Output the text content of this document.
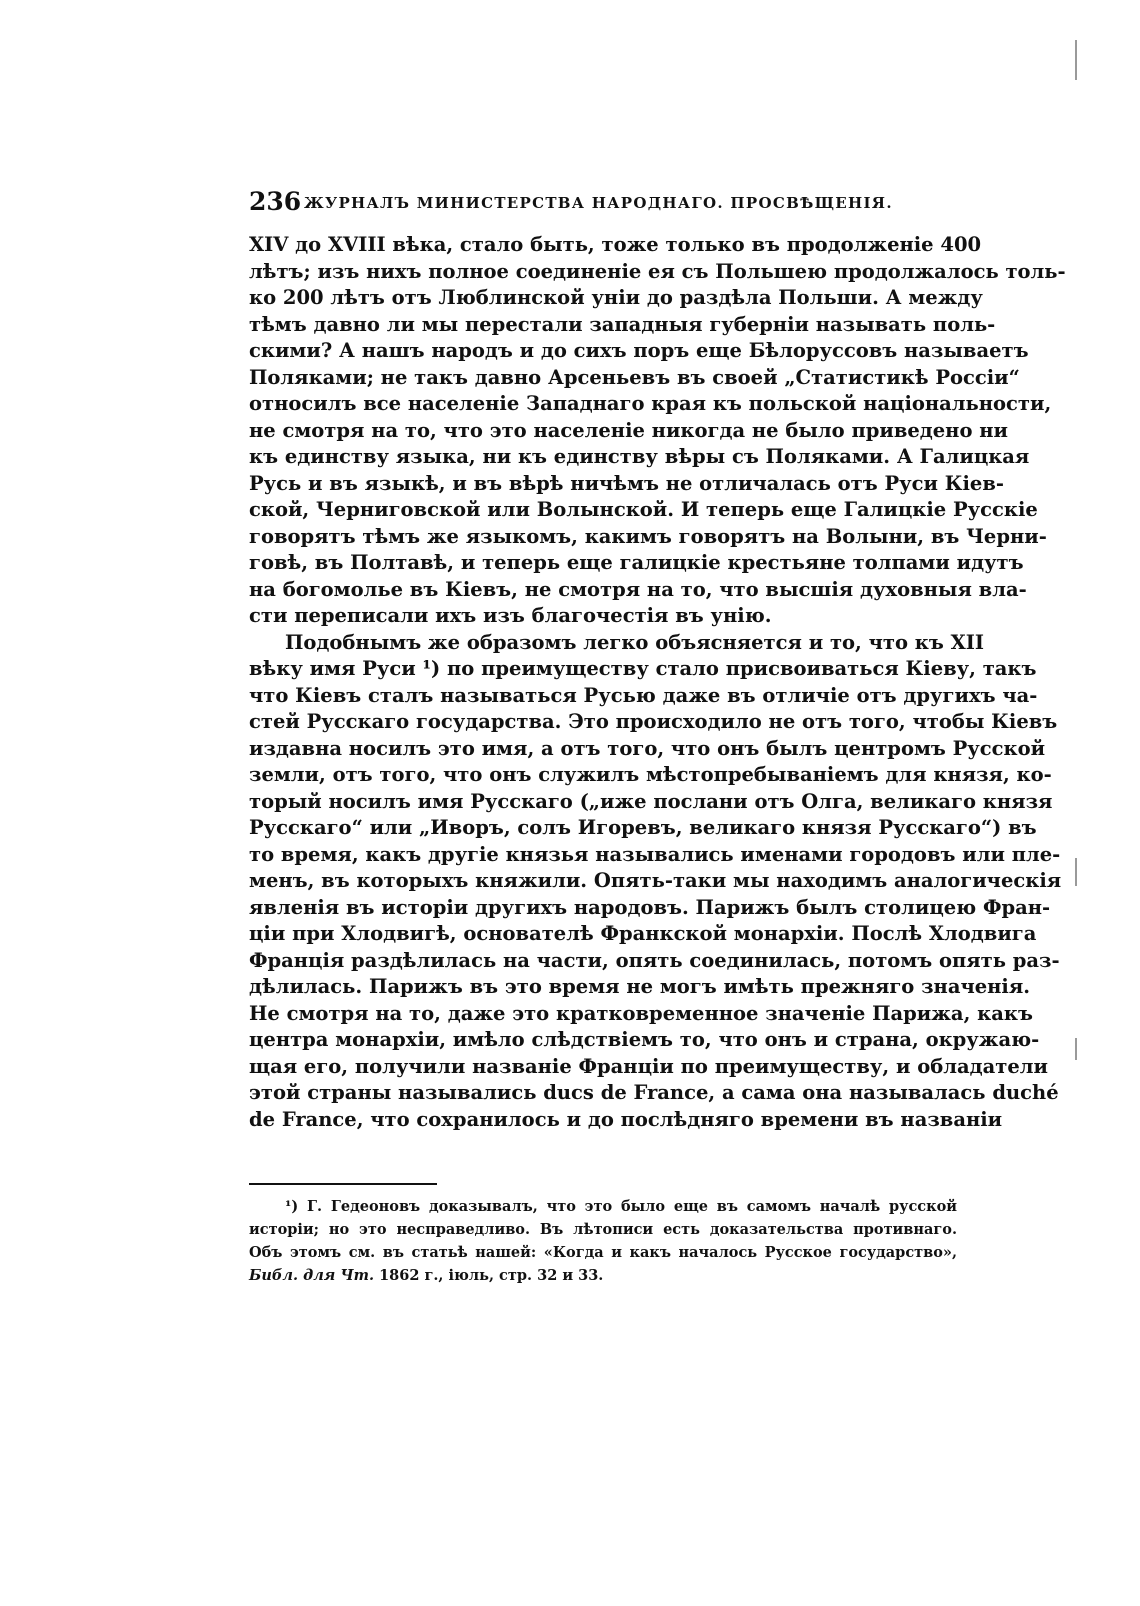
236 ЖУРНАЛЪ МИНИСТЕРСТВА НАРОДНАГО. ПРОСВѢЩЕНІЯ.
XIV до XVIII вѣка, стало быть, тоже только въ продолженіе 400
лѣтъ; изъ нихъ полное соединеніе ея съ Польшею продолжалось толь-
ко 200 лѣтъ отъ Люблинской уніи до раздѣла Польши. А между
тѣмъ давно ли мы перестали западныя губерніи называть поль-
скими? А нашъ народъ и до сихъ поръ еще Бѣлоруссовъ называетъ
Поляками; не такъ давно Арсеньевъ въ своей „Статистикѣ Россіи“
относилъ все населеніе Западнаго края къ польской національности,
не смотря на то, что это населеніе никогда не было приведено ни
къ единству языка, ни къ единству вѣры съ Поляками. А Галицкая
Русь и въ языкѣ, и въ вѣрѣ ничѣмъ не отличалась отъ Руси Кіев-
ской, Черниговской или Волынской. И теперь еще Галицкіе Русскіе
говорятъ тѣмъ же языкомъ, какимъ говорятъ на Волыни, въ Черни-
говѣ, въ Полтавѣ, и теперь еще галицкіе крестьяне толпами идутъ
на богомолье въ Кіевъ, не смотря на то, что высшія духовныя вла-
сти переписали ихъ изъ благочестія въ унію.
Подобнымъ же образомъ легко объясняется и то, что къ XII
вѣку имя Руси ¹) по преимуществу стало присвоиваться Кіеву, такъ
что Кіевъ сталъ называться Русью даже въ отличіе отъ другихъ ча-
стей Русскаго государства. Это происходило не отъ того, чтобы Кіевъ
издавна носилъ это имя, а отъ того, что онъ былъ центромъ Русской
земли, отъ того, что онъ служилъ мѣстопребываніемъ для князя, ко-
торый носилъ имя Русскаго („иже послани отъ Олга, великаго князя
Русскаго“ или „Иворъ, солъ Игоревъ, великаго князя Русскаго“) въ
то время, какъ другіе князья назывались именами городовъ или пле-
менъ, въ которыхъ княжили. Опять-таки мы находимъ аналогическія
явленія въ исторіи другихъ народовъ. Парижъ былъ столицею Фран-
ціи при Хлодвигѣ, основателѣ Франкской монархіи. Послѣ Хлодвига
Франція раздѣлилась на части, опять соединилась, потомъ опять раз-
дѣлилась. Парижъ въ это время не могъ имѣть прежняго значенія.
Не смотря на то, даже это кратковременное значеніе Парижа, какъ
центра монархіи, имѣло слѣдствіемъ то, что онъ и страна, окружаю-
щая его, получили названіе Франціи по преимуществу, и обладатели
этой страны назывались ducs de France, а сама она называлась duché
de France, что сохранилось и до послѣдняго времени въ названіи
¹) Г. Гедеоновъ доказывалъ, что это было еще въ самомъ началѣ русской
исторіи; но это несправедливо. Въ лѣтописи есть доказательства противнаго.
Объ этомъ см. въ статьѣ нашей: «Когда и какъ началось Русское государство»,
Библ. для Чт. 1862 г., іюль, стр. 32 и 33.
